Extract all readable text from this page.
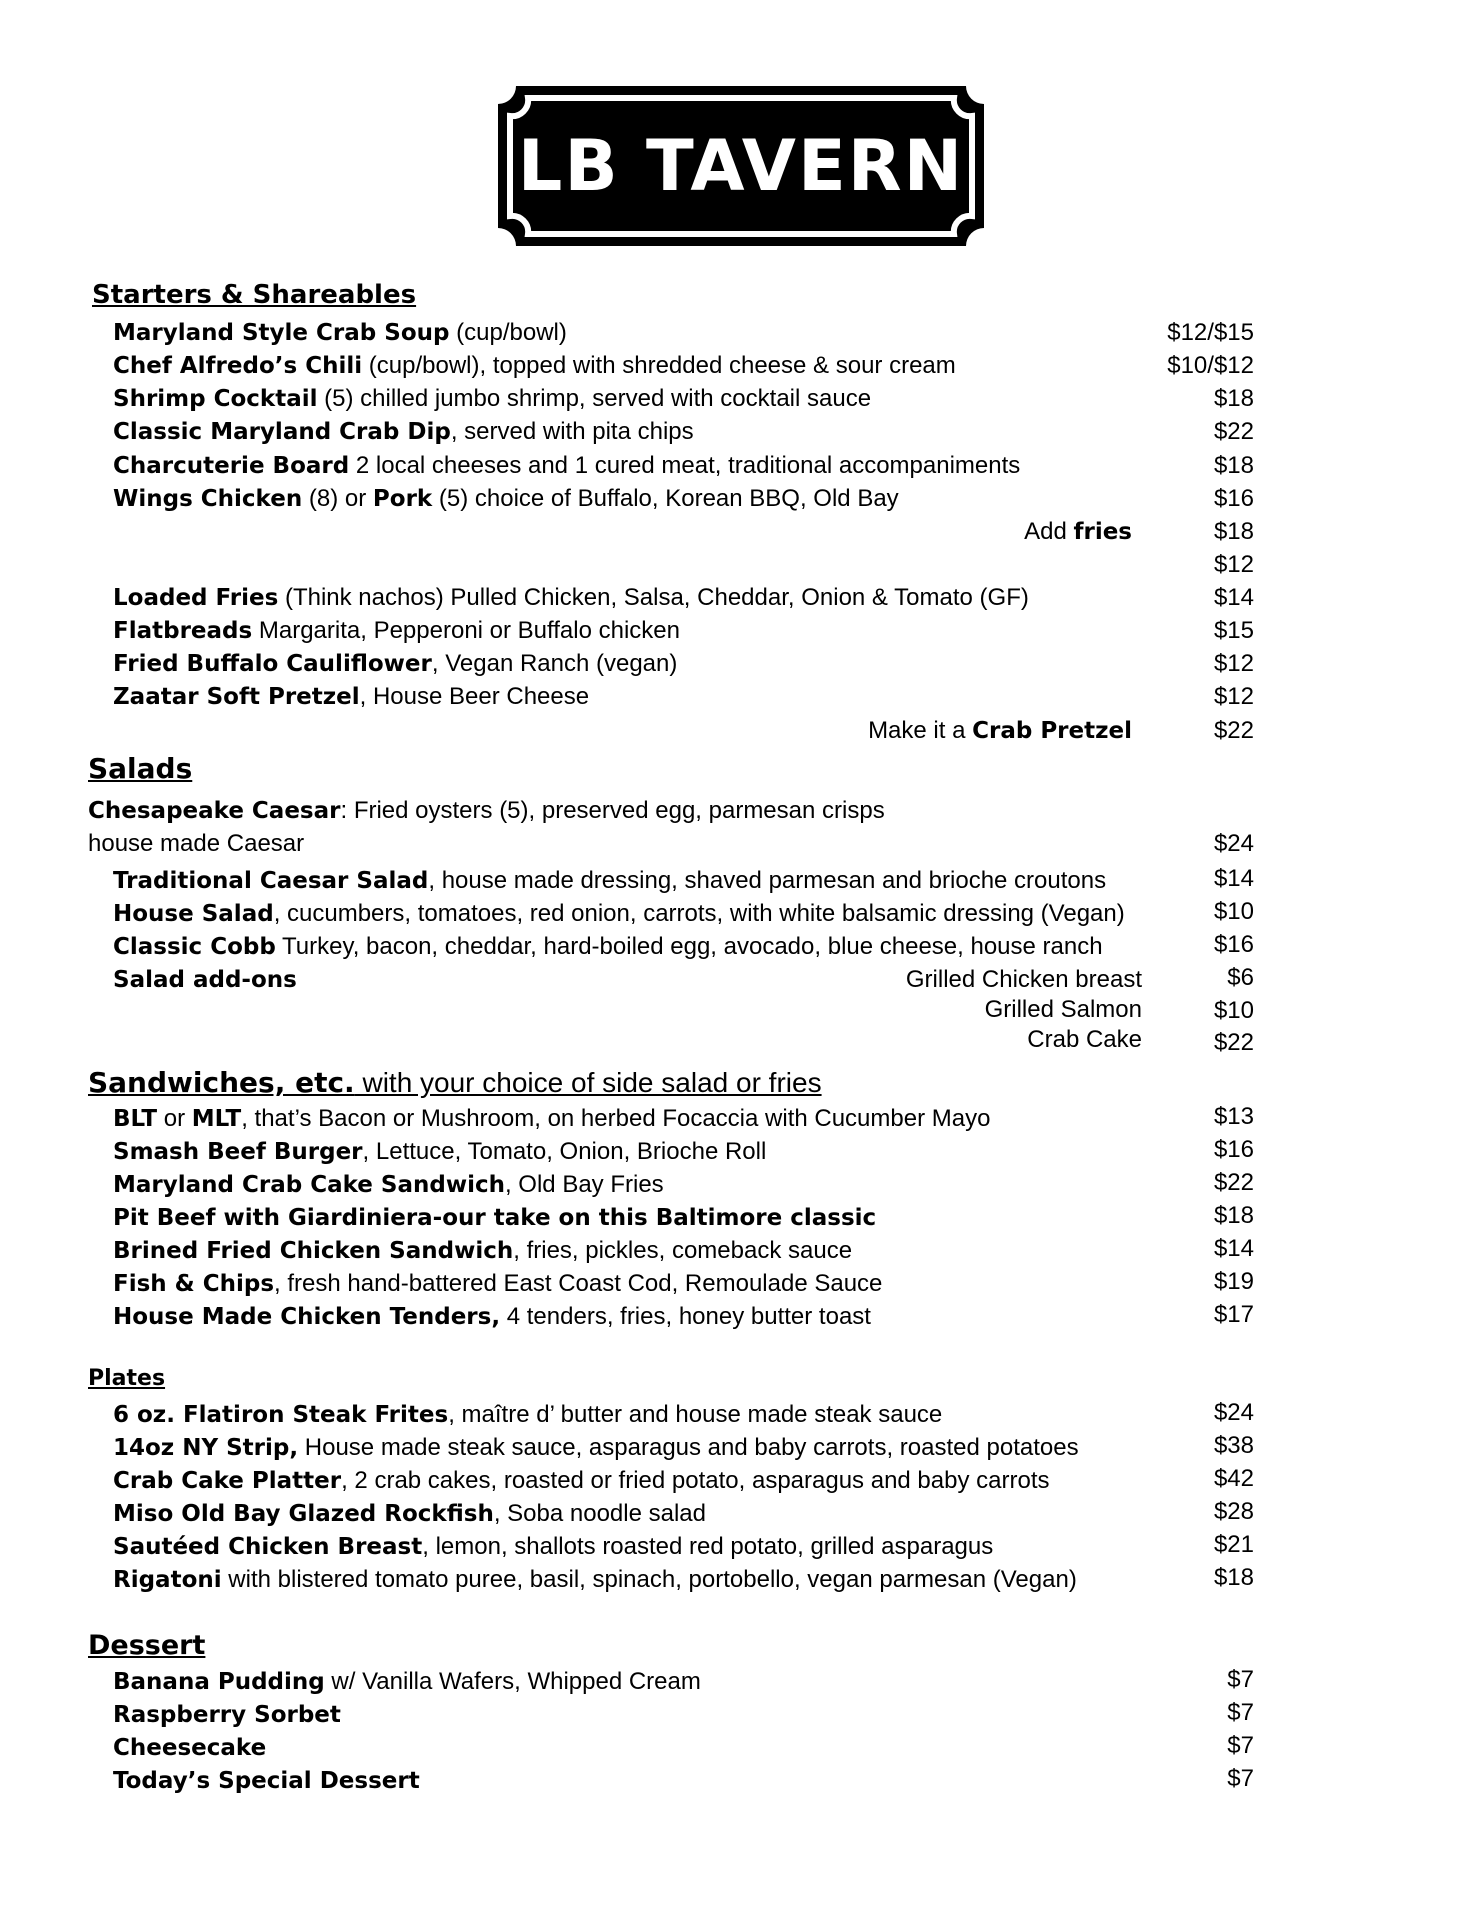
LB TAVERN
Starters & Shareables
Maryland Style Crab Soup (cup/bowl)	$12/$15
Chef Alfredo’s Chili (cup/bowl), topped with shredded cheese & sour cream	$10/$12
Shrimp Cocktail (5) chilled jumbo shrimp, served with cocktail sauce	$18
Classic Maryland Crab Dip, served with pita chips	$22
Charcuterie Board 2 local cheeses and 1 cured meat, traditional accompaniments	$18
Wings Chicken (8) or Pork (5) choice of Buffalo, Korean BBQ, Old Bay	$16
Add fries	$18
$12
Loaded Fries (Think nachos) Pulled Chicken, Salsa, Cheddar, Onion & Tomato (GF)	$14
Flatbreads Margarita, Pepperoni or Buffalo chicken	$15
Fried Buffalo Cauliflower, Vegan Ranch (vegan)	$12
Zaatar Soft Pretzel, House Beer Cheese	$12
Make it a Crab Pretzel	$22
Salads
Chesapeake Caesar: Fried oysters (5), preserved egg, parmesan crisps
house made Caesar	$24
Traditional Caesar Salad, house made dressing, shaved parmesan and brioche croutons	$14
House Salad, cucumbers, tomatoes, red onion, carrots, with white balsamic dressing (Vegan)	$10
Classic Cobb Turkey, bacon, cheddar, hard-boiled egg, avocado, blue cheese, house ranch	$16
Salad add-ons	Grilled Chicken breast	$6
Grilled Salmon	$10
Crab Cake	$22
Sandwiches, etc. with your choice of side salad or fries
BLT or MLT, that’s Bacon or Mushroom, on herbed Focaccia with Cucumber Mayo	$13
Smash Beef Burger, Lettuce, Tomato, Onion, Brioche Roll	$16
Maryland Crab Cake Sandwich, Old Bay Fries	$22
Pit Beef with Giardiniera-our take on this Baltimore classic	$18
Brined Fried Chicken Sandwich, fries, pickles, comeback sauce	$14
Fish & Chips, fresh hand-battered East Coast Cod, Remoulade Sauce	$19
House Made Chicken Tenders, 4 tenders, fries, honey butter toast	$17
Plates
6 oz. Flatiron Steak Frites, maître d’ butter and house made steak sauce	$24
14oz NY Strip, House made steak sauce, asparagus and baby carrots, roasted potatoes	$38
Crab Cake Platter, 2 crab cakes, roasted or fried potato, asparagus and baby carrots	$42
Miso Old Bay Glazed Rockfish, Soba noodle salad	$28
Sautéed Chicken Breast, lemon, shallots roasted red potato, grilled asparagus	$21
Rigatoni with blistered tomato puree, basil, spinach, portobello, vegan parmesan (Vegan)	$18
Dessert
Banana Pudding w/ Vanilla Wafers, Whipped Cream	$7
Raspberry Sorbet	$7
Cheesecake	$7
Today’s Special Dessert	$7
